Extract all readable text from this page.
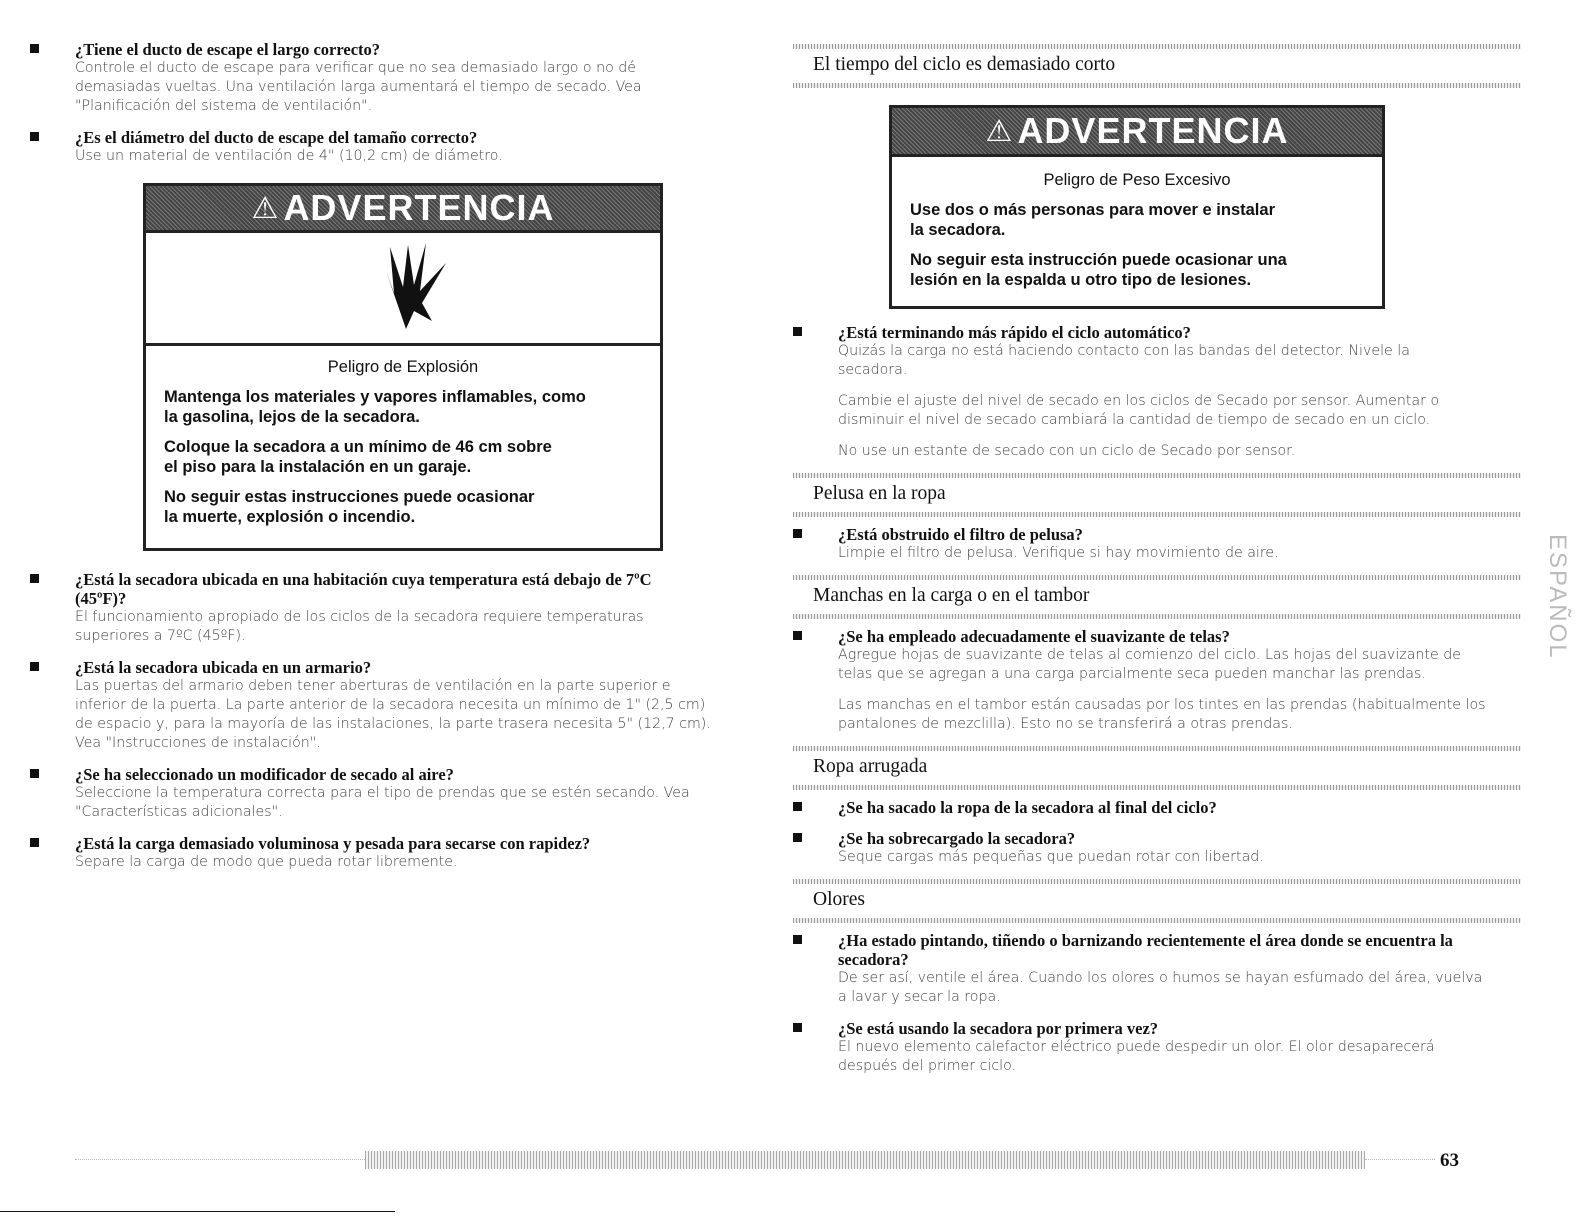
¿Tiene el ducto de escape el largo correcto?
Controle el ducto de escape para verificar que no sea demasiado largo o no dé
demasiadas vueltas. Una ventilación larga aumentará el tiempo de secado. Vea
"Planificación del sistema de ventilación".
¿Es el diámetro del ducto de escape del tamaño correcto?
Use un material de ventilación de 4" (10,2 cm) de diámetro.
⚠ ADVERTENCIA
Peligro de Explosión
Mantenga los materiales y vapores inflamables, como
la gasolina, lejos de la secadora.
Coloque la secadora a un mínimo de 46 cm sobre
el piso para la instalación en un garaje.
No seguir estas instrucciones puede ocasionar
la muerte, explosión o incendio.
¿Está la secadora ubicada en una habitación cuya temperatura está debajo de 7ºC
(45ºF)?
El funcionamiento apropiado de los ciclos de la secadora requiere temperaturas
superiores a 7ºC (45ºF).
¿Está la secadora ubicada en un armario?
Las puertas del armario deben tener aberturas de ventilación en la parte superior e
inferior de la puerta. La parte anterior de la secadora necesita un mínimo de 1" (2,5 cm)
de espacio y, para la mayoría de las instalaciones, la parte trasera necesita 5" (12,7 cm).
Vea "Instrucciones de instalación".
¿Se ha seleccionado un modificador de secado al aire?
Seleccione la temperatura correcta para el tipo de prendas que se estén secando. Vea
"Características adicionales".
¿Está la carga demasiado voluminosa y pesada para secarse con rapidez?
Separe la carga de modo que pueda rotar libremente.
El tiempo del ciclo es demasiado corto
⚠ ADVERTENCIA
Peligro de Peso Excesivo
Use dos o más personas para mover e instalar
la secadora.
No seguir esta instrucción puede ocasionar una
lesión en la espalda u otro tipo de lesiones.
¿Está terminando más rápido el ciclo automático?
Quizás la carga no está haciendo contacto con las bandas del detector. Nivele la
secadora.
Cambie el ajuste del nivel de secado en los ciclos de Secado por sensor. Aumentar o
disminuir el nivel de secado cambiará la cantidad de tiempo de secado en un ciclo.
No use un estante de secado con un ciclo de Secado por sensor.
Pelusa en la ropa
¿Está obstruido el filtro de pelusa?
Limpie el filtro de pelusa. Verifique si hay movimiento de aire.
Manchas en la carga o en el tambor
¿Se ha empleado adecuadamente el suavizante de telas?
Agregue hojas de suavizante de telas al comienzo del ciclo. Las hojas del suavizante de
telas que se agregan a una carga parcialmente seca pueden manchar las prendas.
Las manchas en el tambor están causadas por los tintes en las prendas (habitualmente los
pantalones de mezclilla). Esto no se transferirá a otras prendas.
Ropa arrugada
¿Se ha sacado la ropa de la secadora al final del ciclo?
¿Se ha sobrecargado la secadora?
Seque cargas más pequeñas que puedan rotar con libertad.
Olores
¿Ha estado pintando, tiñendo o barnizando recientemente el área donde se encuentra la
secadora?
De ser así, ventile el área. Cuando los olores o humos se hayan esfumado del área, vuelva
a lavar y secar la ropa.
¿Se está usando la secadora por primera vez?
El nuevo elemento calefactor eléctrico puede despedir un olor. El olor desaparecerá
después del primer ciclo.
ESPAÑOL
63
